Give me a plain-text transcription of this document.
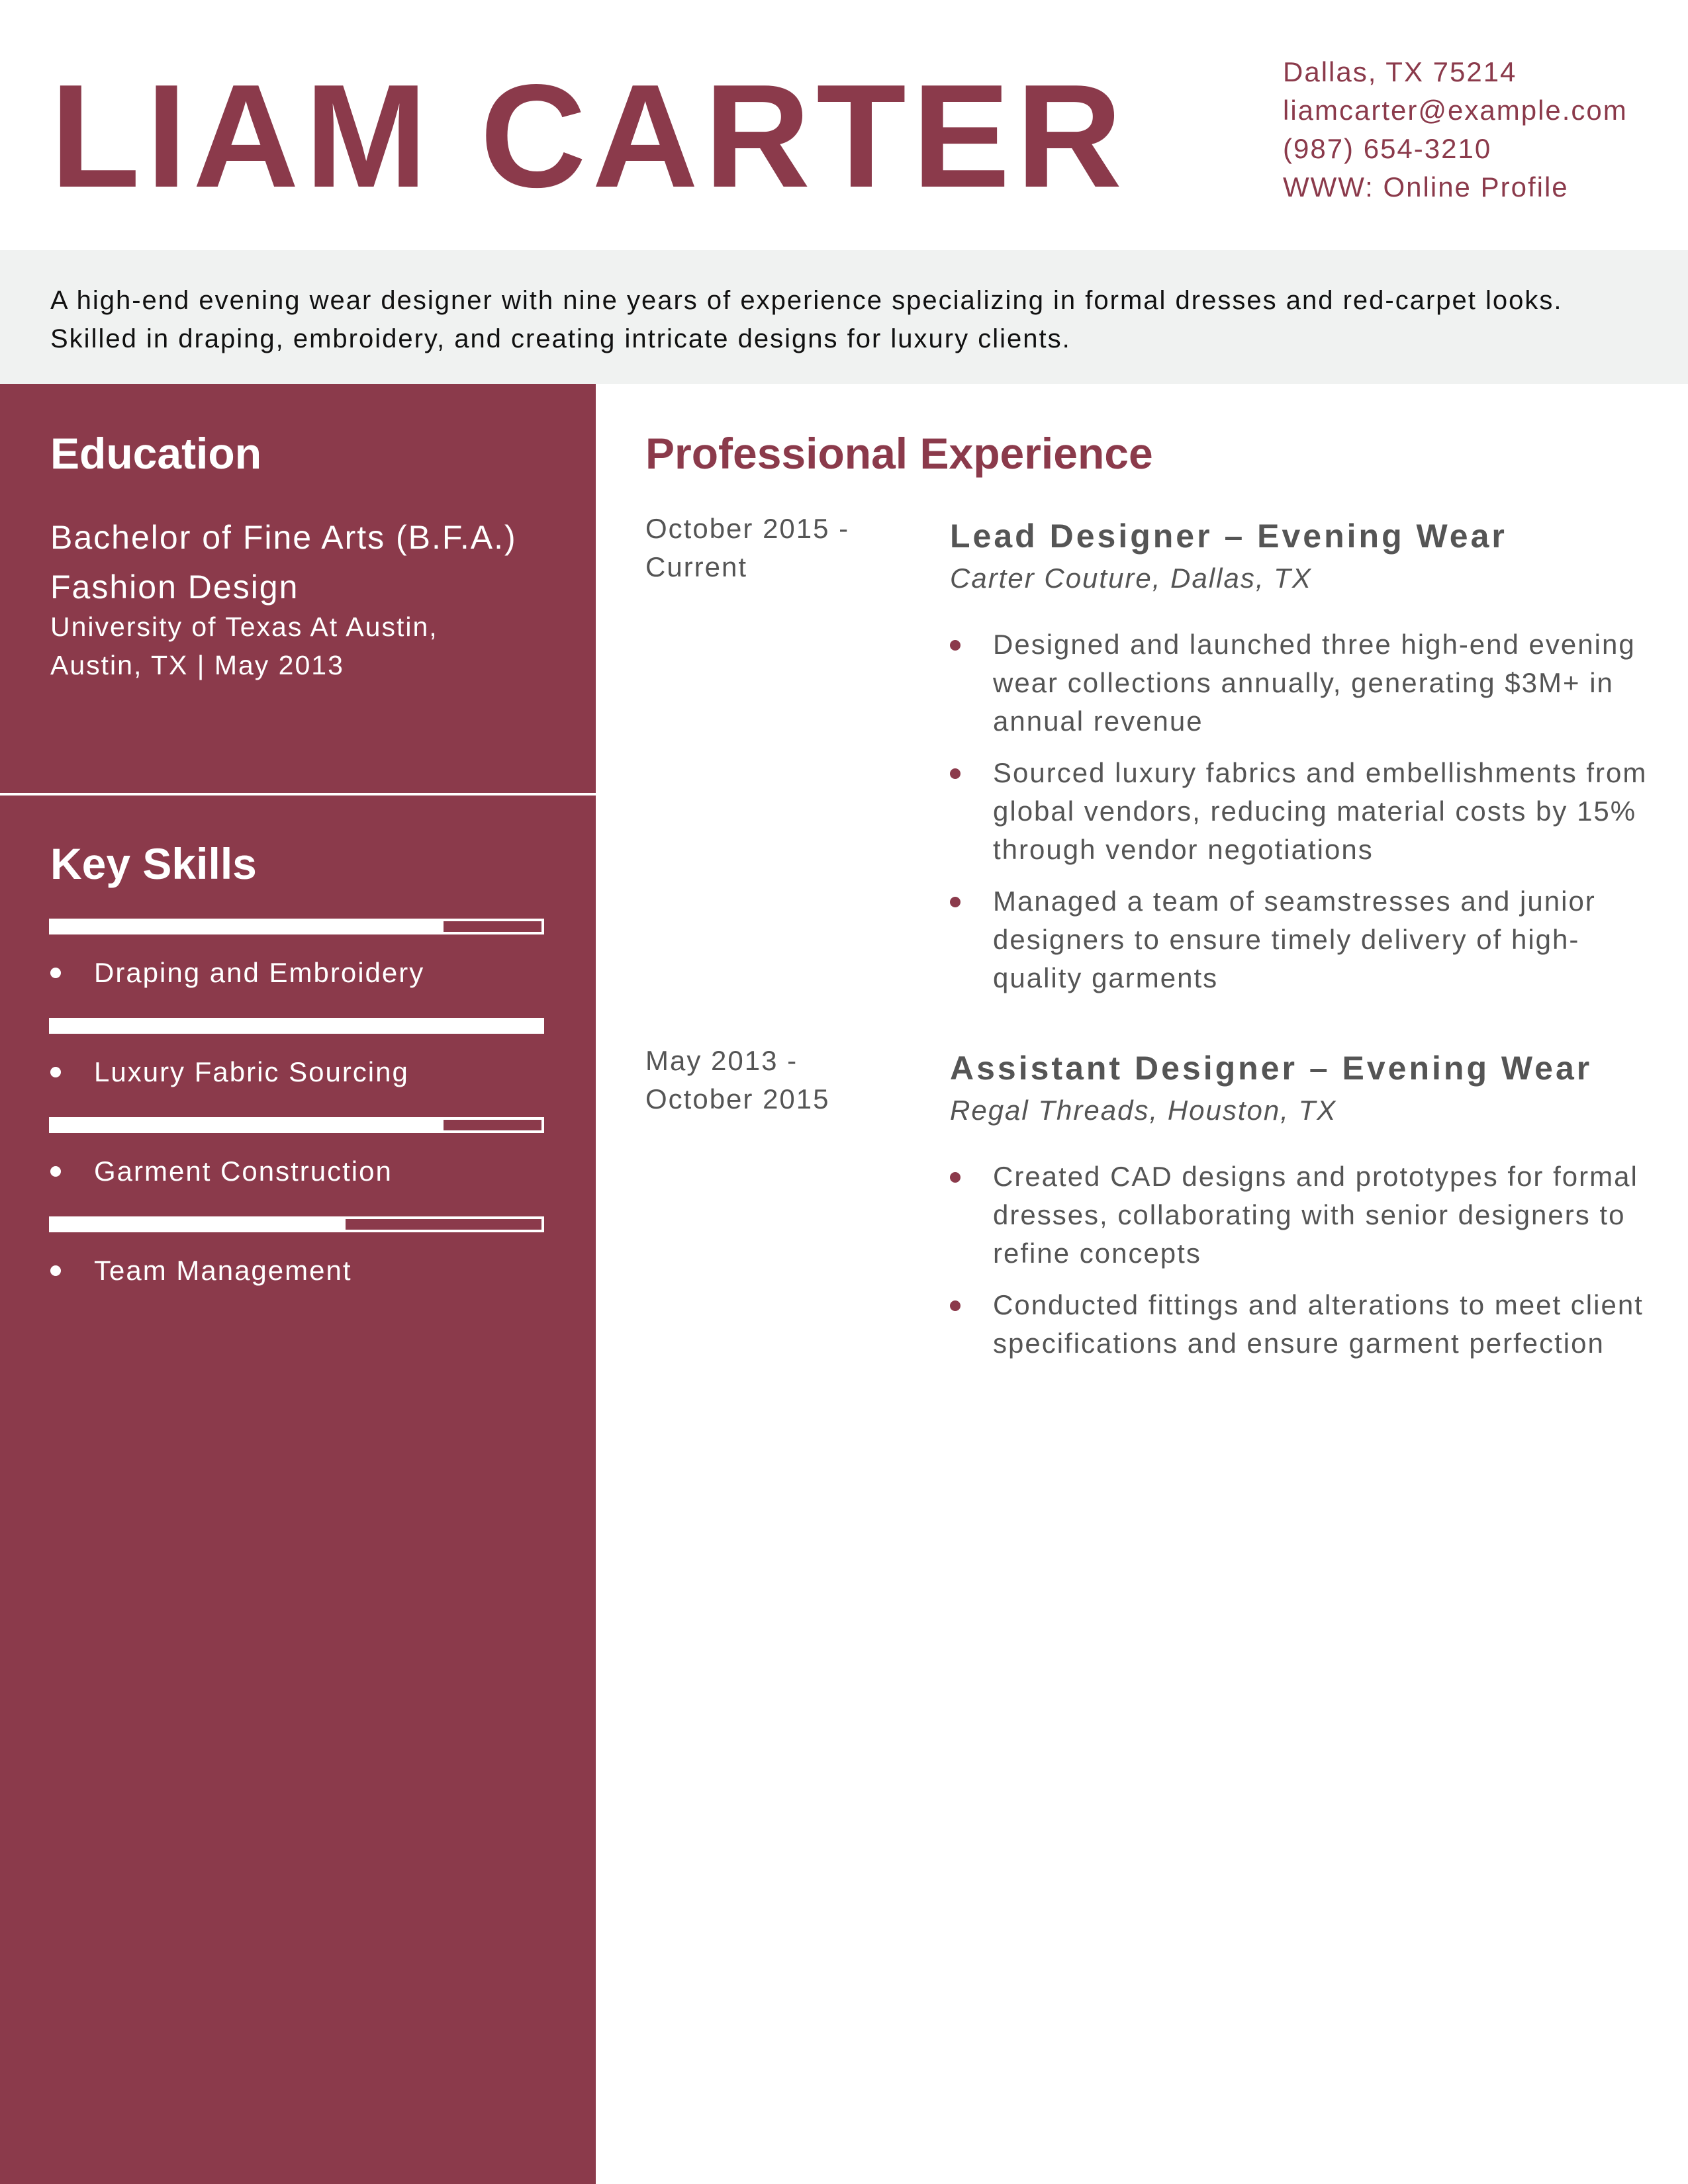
LIAM CARTER	Dallas, TX 75214
liamcarter@example.com
(987) 654-3210
WWW: Online Profile

A high-end evening wear designer with nine years of experience specializing in formal dresses and red-carpet looks. Skilled in draping, embroidery, and creating intricate designs for luxury clients.

Education
Bachelor of Fine Arts (B.F.A.)
Fashion Design
University of Texas At Austin,
Austin, TX | May 2013
Key Skills
Draping and Embroidery
Luxury Fabric Sourcing
Garment Construction
Team Management
Professional Experience
October 2015 -
Current
Lead Designer – Evening Wear
Carter Couture, Dallas, TX
Designed and launched three high-end evening wear collections annually, generating $3M+ in annual revenue
Sourced luxury fabrics and embellishments from global vendors, reducing material costs by 15% through vendor negotiations
Managed a team of seamstresses and junior designers to ensure timely delivery of high-quality garments
May 2013 -
October 2015
Assistant Designer – Evening Wear
Regal Threads, Houston, TX
Created CAD designs and prototypes for formal dresses, collaborating with senior designers to refine concepts
Conducted fittings and alterations to meet client specifications and ensure garment perfection
